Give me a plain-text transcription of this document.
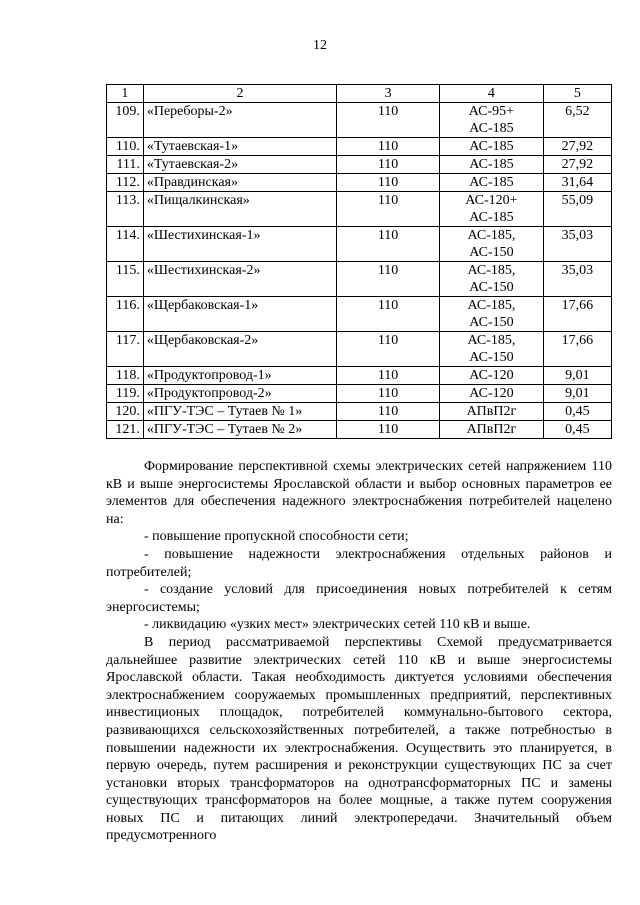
12
1	2	3	4	5
109.	«Переборы-2»	110	АС-95+
АС-185	6,52
110.	«Тутаевская-1»	110	АС-185	27,92
111.	«Тутаевская-2»	110	АС-185	27,92
112.	«Правдинская»	110	АС-185	31,64
113.	«Пищалкинская»	110	АС-120+
АС-185	55,09
114.	«Шестихинская-1»	110	АС-185,
АС-150	35,03
115.	«Шестихинская-2»	110	АС-185,
АС-150	35,03
116.	«Щербаковская-1»	110	АС-185,
АС-150	17,66
117.	«Щербаковская-2»	110	АС-185,
АС-150	17,66
118.	«Продуктопровод-1»	110	АС-120	9,01
119.	«Продуктопровод-2»	110	АС-120	9,01
120.	«ПГУ-ТЭС – Тутаев № 1»	110	АПвП2г	0,45
121.	«ПГУ-ТЭС – Тутаев № 2»	110	АПвП2г	0,45

Формирование перспективной схемы электрических сетей напряжением 110 кВ и выше энергосистемы Ярославской области и выбор основных параметров ее элементов для обеспечения надежного электроснабжения потребителей нацелено на:

- повышение пропускной способности сети;

- повышение надежности электроснабжения отдельных районов и потребителей;

- создание условий для присоединения новых потребителей к сетям энергосистемы;

- ликвидацию «узких мест» электрических сетей 110 кВ и выше.

В период рассматриваемой перспективы Схемой предусматривается дальнейшее развитие электрических сетей 110 кВ и выше энергосистемы Ярославской области. Такая необходимость диктуется условиями обеспечения электроснабжением сооружаемых промышленных предприятий, перспективных инвестиционых площадок, потребителей коммунально-бытового сектора, развивающихся сельскохозяйственных потребителей, а также потребностью в повышении надежности их электроснабжения. Осуществить это планируется, в первую очередь, путем расширения и реконструкции существующих ПС за счет установки вторых трансформаторов на однотрансформаторных ПС и замены существующих трансформаторов на более мощные, а также путем сооружения новых ПС и питающих линий электропередачи. Значительный объем предусмотренного
